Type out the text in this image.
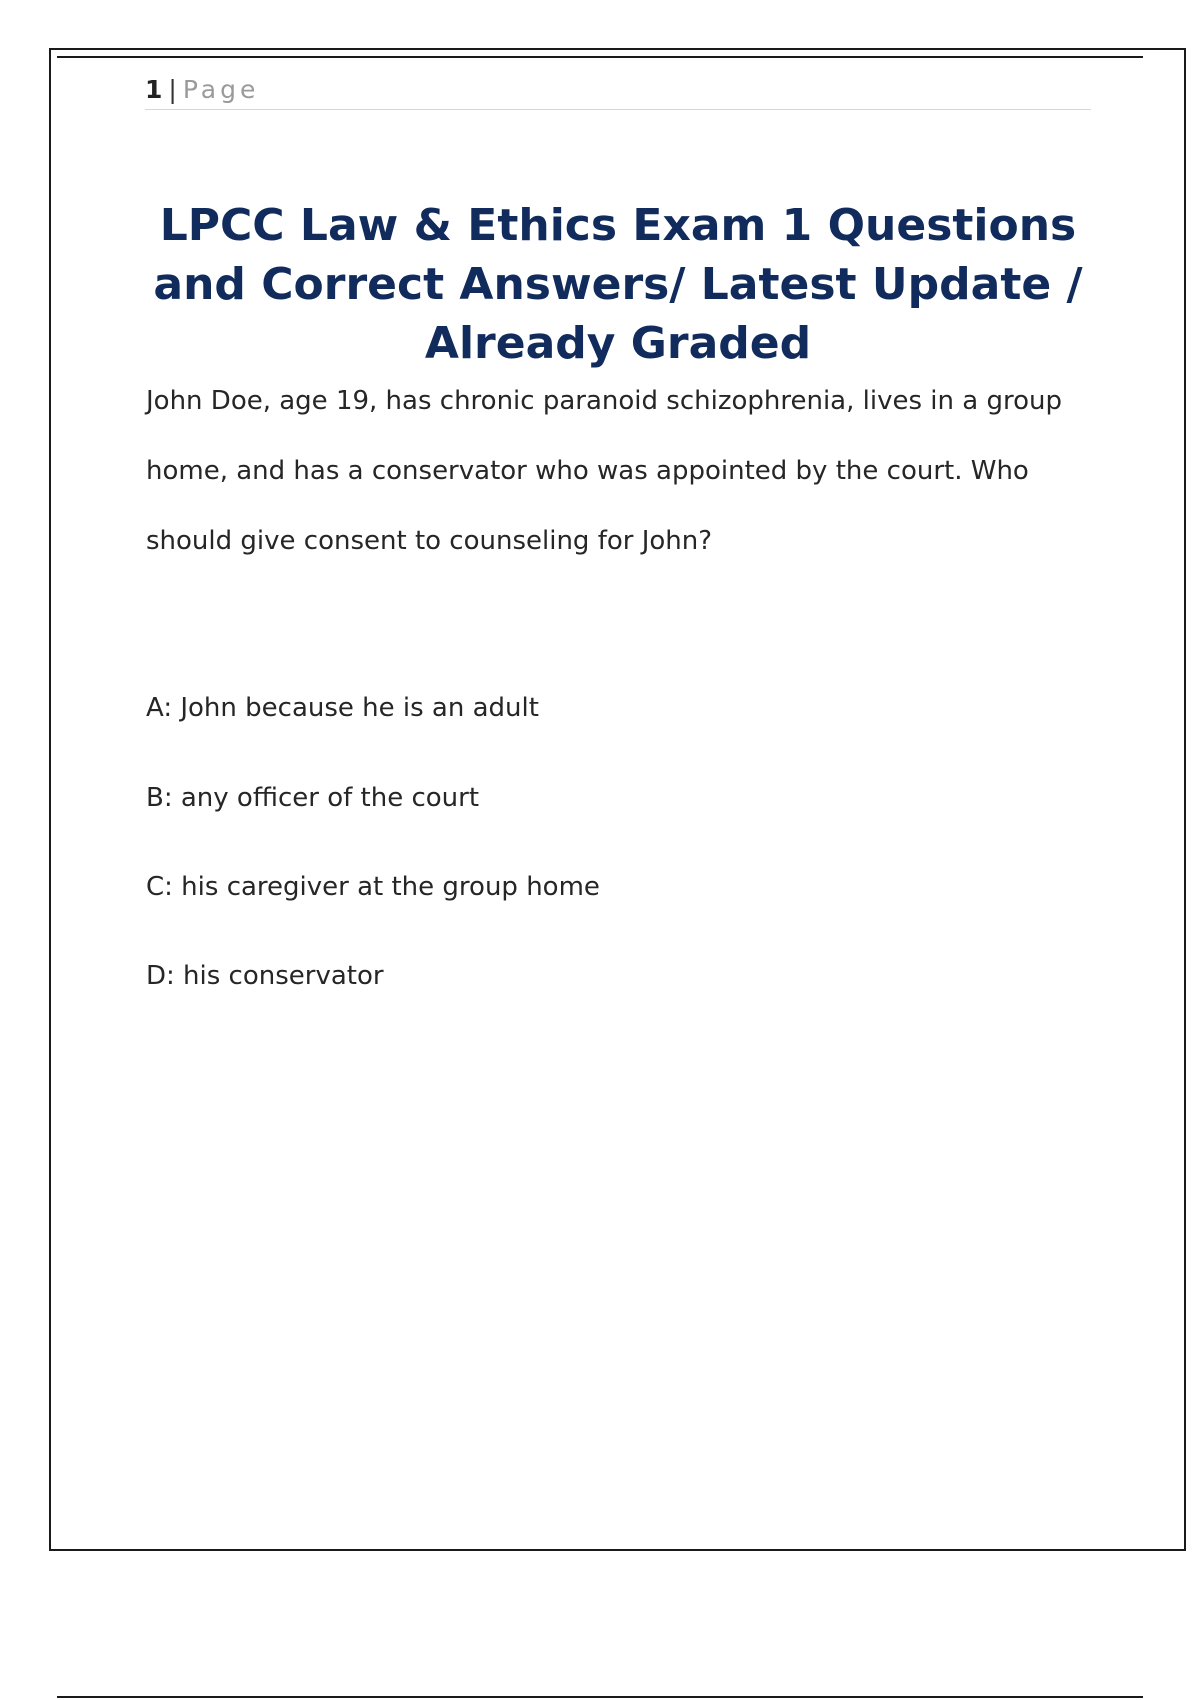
1 | Page
LPCC Law & Ethics Exam 1 Questions and Correct Answers/ Latest Update / Already Graded

John Doe, age 19, has chronic paranoid schizophrenia, lives in a group home, and has a conservator who was appointed by the court. Who should give consent to counseling for John?

A: John because he is an adult

B: any officer of the court

C: his caregiver at the group home

D: his conservator
